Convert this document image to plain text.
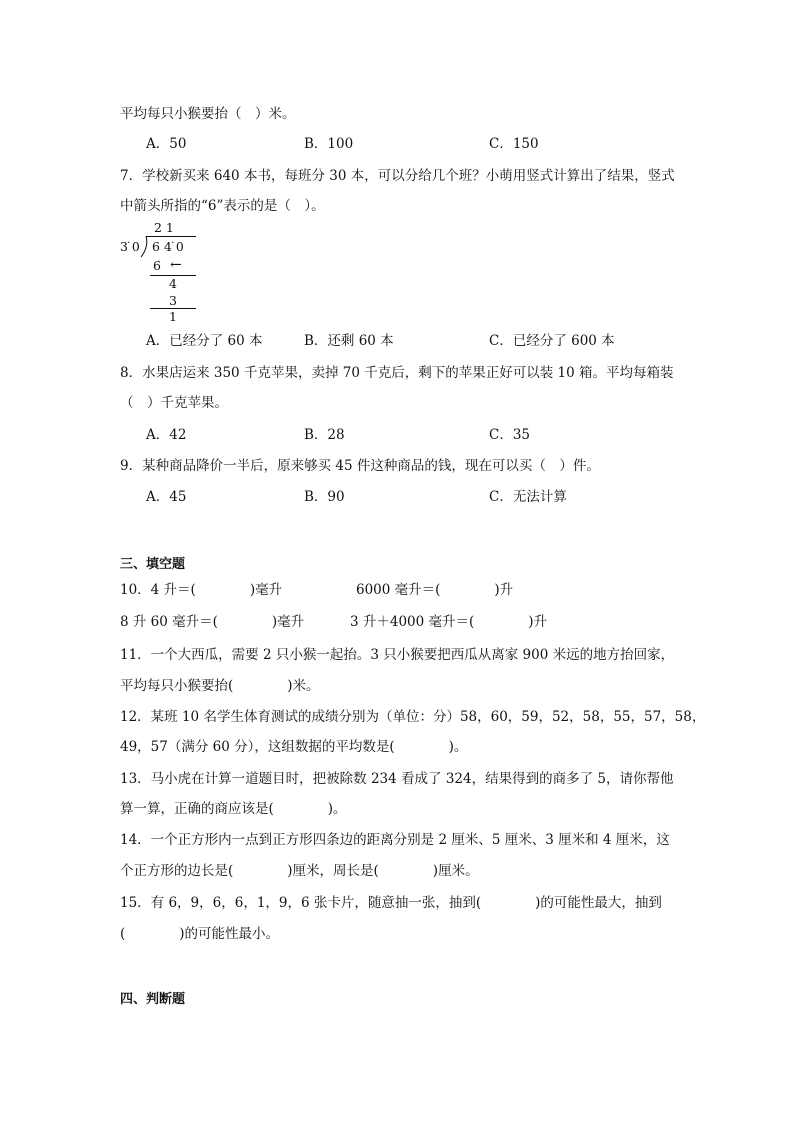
平均每只小猴要抬（　）米。
A．50	B．100	C．150
7．学校新买来 640 本书，每班分 30 本，可以分给几个班？小萌用竖式计算出了结果，竖式
中箭头所指的“6”表示的是（　）。
2 1
3 ̇0 6 4 ̇0
6 ←
4
3
1
A．已经分了 60 本	B．还剩 60 本	C．已经分了 600 本
8．水果店运来 350 千克苹果，卖掉 70 千克后，剩下的苹果正好可以装 10 箱。平均每箱装
（　）千克苹果。
A．42	B．28	C．35
9．某种商品降价一半后，原来够买 45 件这种商品的钱，现在可以买（　）件。
A．45	B．90	C．无法计算
三、填空题
10．4 升＝(　　　　)毫升	6000 毫升＝(　　　　)升
8 升 60 毫升＝(　　　　)毫升	3 升＋4000 毫升＝(　　　　)升
11．一个大西瓜，需要 2 只小猴一起抬。3 只小猴要把西瓜从离家 900 米远的地方抬回家，
平均每只小猴要抬(　　　　)米。
12．某班 10 名学生体育测试的成绩分别为（单位：分）58，60，59，52，58，55，57，58，
49，57（满分 60 分），这组数据的平均数是(　　　　)。
13．马小虎在计算一道题目时，把被除数 234 看成了 324，结果得到的商多了 5，请你帮他
算一算，正确的商应该是(　　　　)。
14．一个正方形内一点到正方形四条边的距离分别是 2 厘米、5 厘米、3 厘米和 4 厘米，这
个正方形的边长是(　　　　)厘米，周长是(　　　　)厘米。
15．有 6，9，6，6，1，9，6 张卡片，随意抽一张，抽到(　　　　)的可能性最大，抽到
(　　　　)的可能性最小。
四、判断题
